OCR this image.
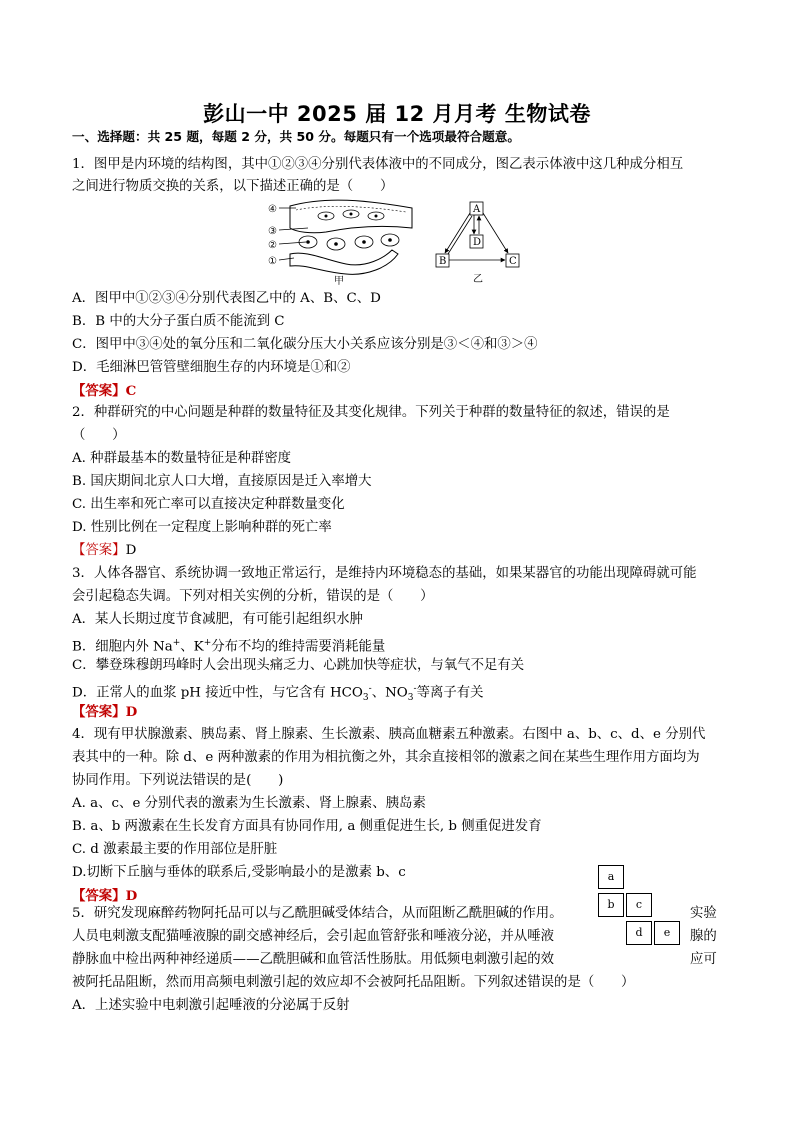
彭山一中 2025 届 12 月月考 生物试卷
一、选择题：共 25 题，每题 2 分，共 50 分。每题只有一个选项最符合题意。
1．图甲是内环境的结构图，其中①②③④分别代表体液中的不同成分，图乙表示体液中这几种成分相互
之间进行物质交换的关系，以下描述正确的是（　　）
④
③
②
①
甲
A
D
B	C
乙
A．图甲中①②③④分别代表图乙中的 A、B、C、D
B．B 中的大分子蛋白质不能流到 C
C．图甲中③④处的氧分压和二氧化碳分压大小关系应该分别是③＜④和③＞④
D．毛细淋巴管管壁细胞生存的内环境是①和②
【答案】C
2．种群研究的中心问题是种群的数量特征及其变化规律。下列关于种群的数量特征的叙述，错误的是
（　　）
A. 种群最基本的数量特征是种群密度
B. 国庆期间北京人口大增，直接原因是迁入率增大
C. 出生率和死亡率可以直接决定种群数量变化
D. 性别比例在一定程度上影响种群的死亡率
【答案】D
3．人体各器官、系统协调一致地正常运行，是维持内环境稳态的基础，如果某器官的功能出现障碍就可能
会引起稳态失调。下列对相关实例的分析，错误的是（　　）
A．某人长期过度节食减肥，有可能引起组织水肿
B．细胞内外 Na+、K+分布不均的维持需要消耗能量
C．攀登珠穆朗玛峰时人会出现头痛乏力、心跳加快等症状，与氧气不足有关
D．正常人的血浆 pH 接近中性，与它含有 $HCO_3^-$、$NO_3^-$等离子有关
【答案】D
4．现有甲状腺激素、胰岛素、肾上腺素、生长激素、胰高血糖素五种激素。右图中 a、b、c、d、e 分别代
表其中的一种。除 d、e 两种激素的作用为相抗衡之外，其余直接相邻的激素之间在某些生理作用方面均为
协同作用。下列说法错误的是(　　)
A. a、c、e 分别代表的激素为生长激素、肾上腺素、胰岛素
B. a、b 两激素在生长发育方面具有协同作用, a 侧重促进生长, b 侧重促进发育
C. d 激素最主要的作用部位是肝脏
D.切断下丘脑与垂体的联系后,受影响最小的是激素 b、c
【答案】D
a
b	c
d	e
5．研究发现麻醉药物阿托品可以与乙酰胆碱受体结合，从而阻断乙酰胆碱的作用。	实验
人员电刺激支配猫唾液腺的副交感神经后，会引起血管舒张和唾液分泌，并从唾液	腺的
静脉血中检出两种神经递质——乙酰胆碱和血管活性肠肽。用低频电刺激引起的效	应可
被阿托品阻断，然而用高频电刺激引起的效应却不会被阿托品阻断。下列叙述错误的是（　　）
A．上述实验中电刺激引起唾液的分泌属于反射
